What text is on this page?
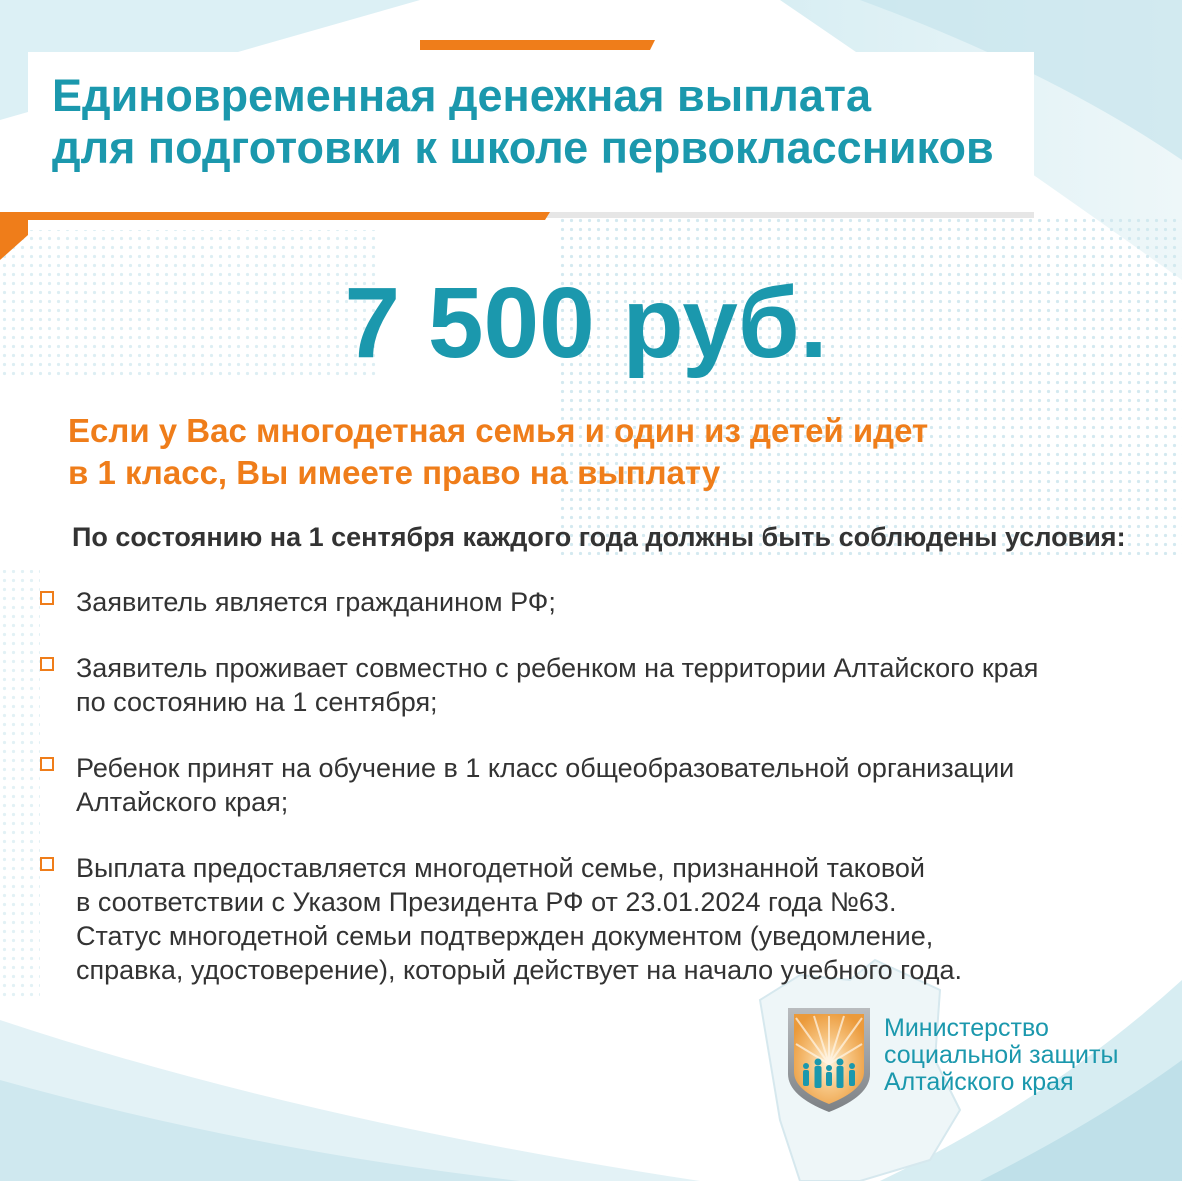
Единовременная денежная выплата
для подготовки к школе первоклассников
7 500 руб.
Если у Вас многодетная семья и один из детей идет
в 1 класс, Вы имеете право на выплату
По состоянию на 1 сентября каждого года должны быть соблюдены условия:
Заявитель является гражданином РФ;
Заявитель проживает совместно с ребенком на территории Алтайского края
по состоянию на 1 сентября;
Ребенок принят на обучение в 1 класс общеобразовательной организации
Алтайского края;
Выплата предоставляется многодетной семье, признанной таковой
в соответствии с Указом Президента РФ от 23.01.2024 года №63.
Статус многодетной семьи подтвержден документом (уведомление,
справка, удостоверение), который действует на начало учебного года.
Министерство
социальной защиты
Алтайского края
